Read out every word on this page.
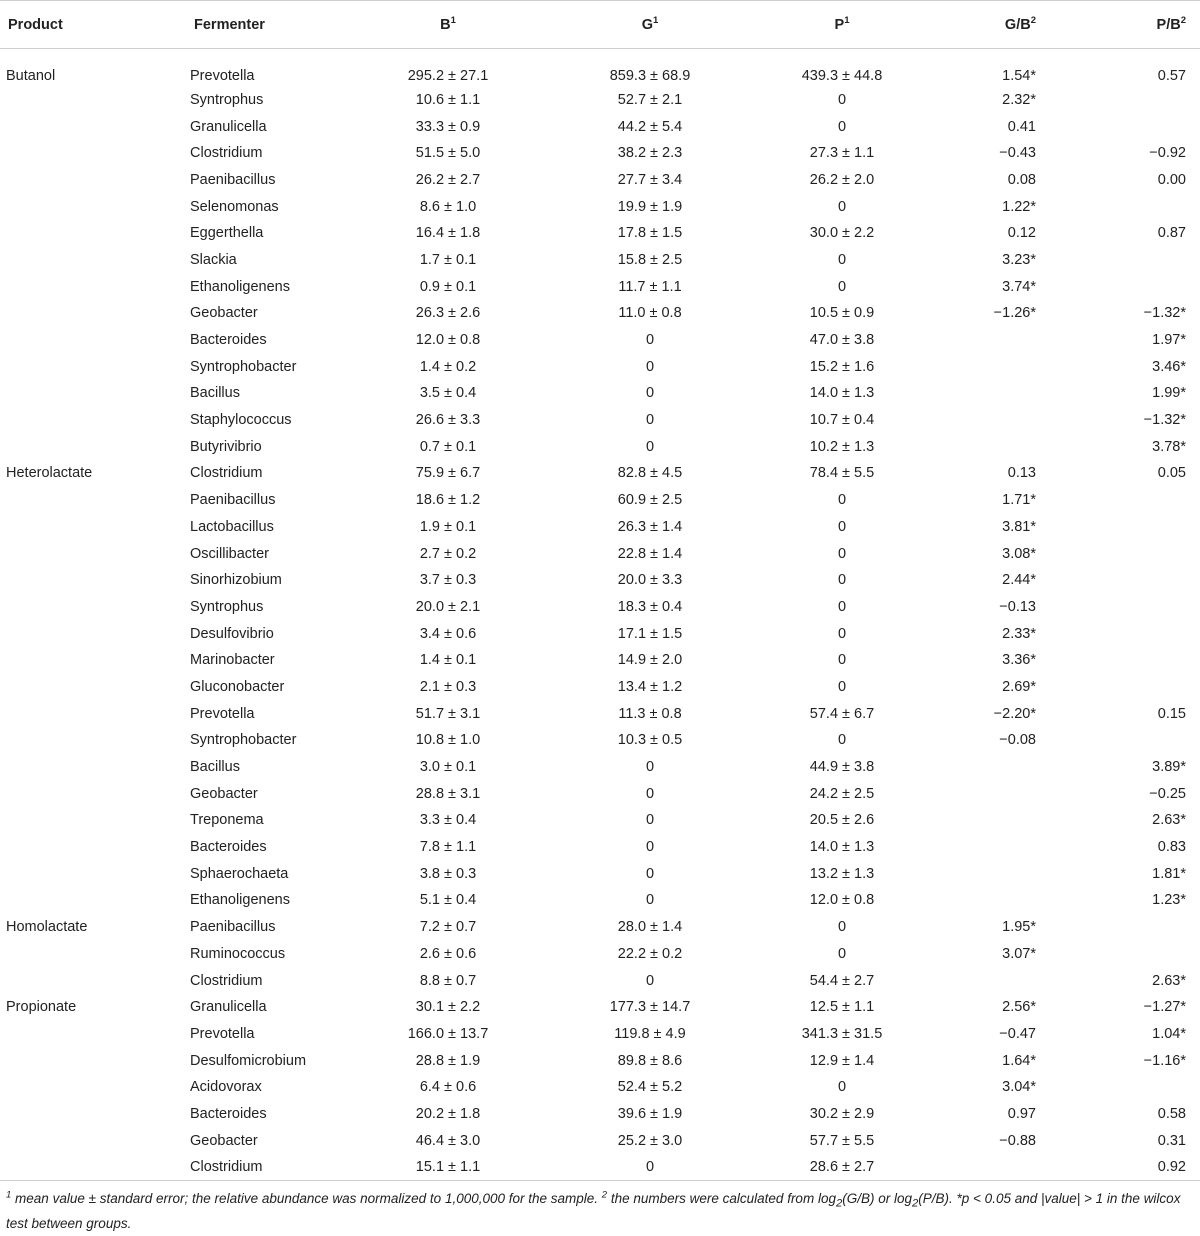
Product	Fermenter	$B^1$	$G^1$	$P^1$	$G/B^2$	$P/B^2$
Butanol	Prevotella	295.2 ± 27.1	859.3 ± 68.9	439.3 ± 44.8	1.54*	0.57
	Syntrophus	10.6 ± 1.1	52.7 ± 2.1	0	2.32*	
	Granulicella	33.3 ± 0.9	44.2 ± 5.4	0	0.41	
	Clostridium	51.5 ± 5.0	38.2 ± 2.3	27.3 ± 1.1	−0.43	−0.92
	Paenibacillus	26.2 ± 2.7	27.7 ± 3.4	26.2 ± 2.0	0.08	0.00
	Selenomonas	8.6 ± 1.0	19.9 ± 1.9	0	1.22*	
	Eggerthella	16.4 ± 1.8	17.8 ± 1.5	30.0 ± 2.2	0.12	0.87
	Slackia	1.7 ± 0.1	15.8 ± 2.5	0	3.23*	
	Ethanoligenens	0.9 ± 0.1	11.7 ± 1.1	0	3.74*	
	Geobacter	26.3 ± 2.6	11.0 ± 0.8	10.5 ± 0.9	−1.26*	−1.32*
	Bacteroides	12.0 ± 0.8	0	47.0 ± 3.8		1.97*
	Syntrophobacter	1.4 ± 0.2	0	15.2 ± 1.6		3.46*
	Bacillus	3.5 ± 0.4	0	14.0 ± 1.3		1.99*
	Staphylococcus	26.6 ± 3.3	0	10.7 ± 0.4		−1.32*
	Butyrivibrio	0.7 ± 0.1	0	10.2 ± 1.3		3.78*
Heterolactate	Clostridium	75.9 ± 6.7	82.8 ± 4.5	78.4 ± 5.5	0.13	0.05
	Paenibacillus	18.6 ± 1.2	60.9 ± 2.5	0	1.71*	
	Lactobacillus	1.9 ± 0.1	26.3 ± 1.4	0	3.81*	
	Oscillibacter	2.7 ± 0.2	22.8 ± 1.4	0	3.08*	
	Sinorhizobium	3.7 ± 0.3	20.0 ± 3.3	0	2.44*	
	Syntrophus	20.0 ± 2.1	18.3 ± 0.4	0	−0.13	
	Desulfovibrio	3.4 ± 0.6	17.1 ± 1.5	0	2.33*	
	Marinobacter	1.4 ± 0.1	14.9 ± 2.0	0	3.36*	
	Gluconobacter	2.1 ± 0.3	13.4 ± 1.2	0	2.69*	
	Prevotella	51.7 ± 3.1	11.3 ± 0.8	57.4 ± 6.7	−2.20*	0.15
	Syntrophobacter	10.8 ± 1.0	10.3 ± 0.5	0	−0.08	
	Bacillus	3.0 ± 0.1	0	44.9 ± 3.8		3.89*
	Geobacter	28.8 ± 3.1	0	24.2 ± 2.5		−0.25
	Treponema	3.3 ± 0.4	0	20.5 ± 2.6		2.63*
	Bacteroides	7.8 ± 1.1	0	14.0 ± 1.3		0.83
	Sphaerochaeta	3.8 ± 0.3	0	13.2 ± 1.3		1.81*
	Ethanoligenens	5.1 ± 0.4	0	12.0 ± 0.8		1.23*
Homolactate	Paenibacillus	7.2 ± 0.7	28.0 ± 1.4	0	1.95*	
	Ruminococcus	2.6 ± 0.6	22.2 ± 0.2	0	3.07*	
	Clostridium	8.8 ± 0.7	0	54.4 ± 2.7		2.63*
Propionate	Granulicella	30.1 ± 2.2	177.3 ± 14.7	12.5 ± 1.1	2.56*	−1.27*
	Prevotella	166.0 ± 13.7	119.8 ± 4.9	341.3 ± 31.5	−0.47	1.04*
	Desulfomicrobium	28.8 ± 1.9	89.8 ± 8.6	12.9 ± 1.4	1.64*	−1.16*
	Acidovorax	6.4 ± 0.6	52.4 ± 5.2	0	3.04*	
	Bacteroides	20.2 ± 1.8	39.6 ± 1.9	30.2 ± 2.9	0.97	0.58
	Geobacter	46.4 ± 3.0	25.2 ± 3.0	57.7 ± 5.5	−0.88	0.31
	Clostridium	15.1 ± 1.1	0	28.6 ± 2.7		0.92
$^1$ mean value ± standard error; the relative abundance was normalized to 1,000,000 for the sample. $^2$ the numbers were calculated from $\log_2(G/B)$ or $\log_2(P/B)$. *p < 0.05 and |value| > 1 in the wilcox test between groups.
